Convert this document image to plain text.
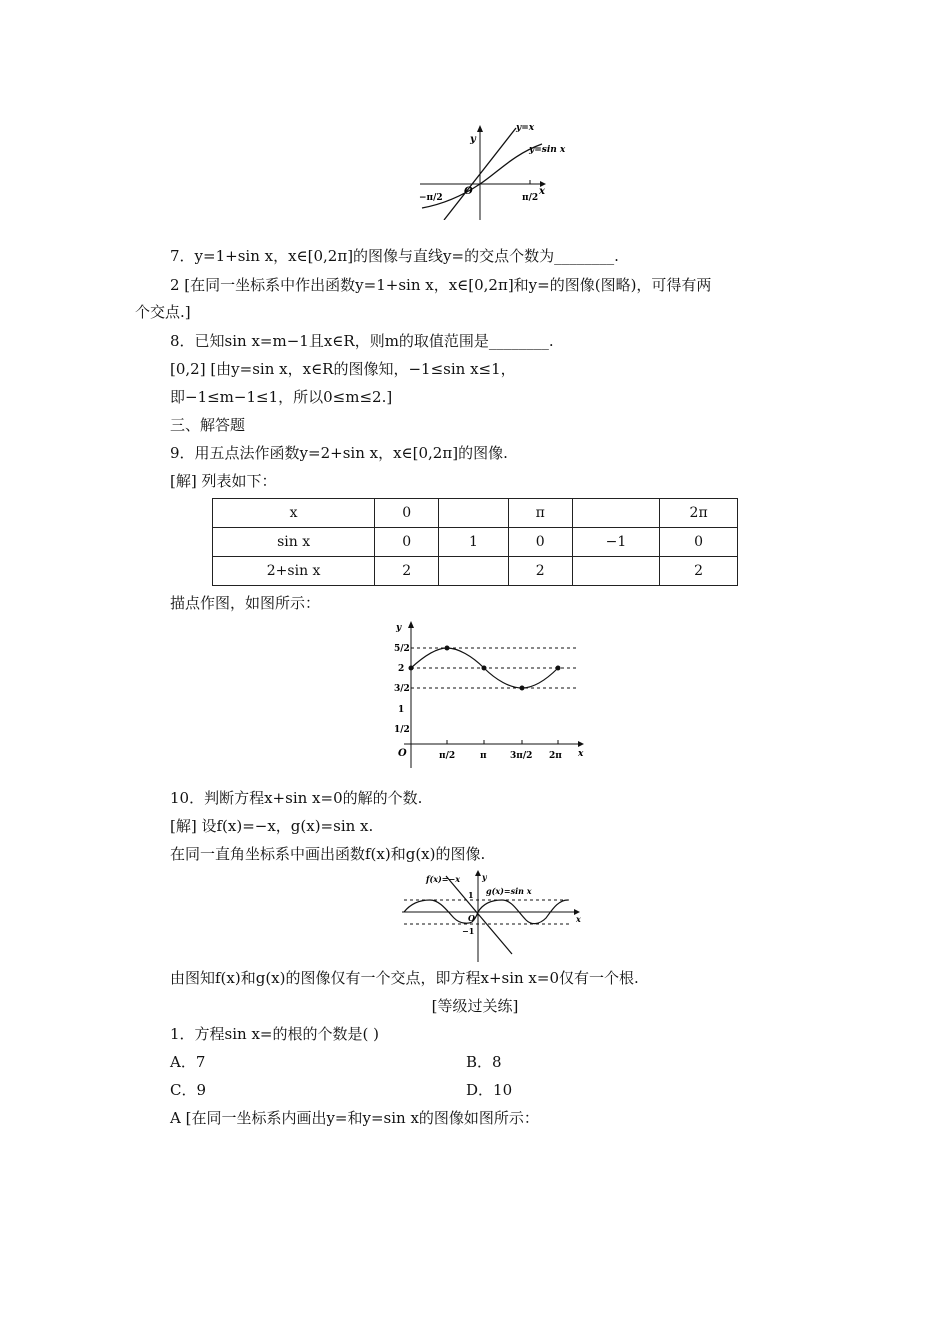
y
y=x
y=sin x
O	x
−π/2	π/2
7．y=1+sin x，x∈[0,2π]的图像与直线y=的交点个数为________.
2 [在同一坐标系中作出函数y=1+sin x，x∈[0,2π]和y=的图像(图略)，可得有两
个交点.]
8．已知sin x=m−1且x∈R，则m的取值范围是________.
[0,2] [由y=sin x，x∈R的图像知，−1≤sin x≤1，
即−1≤m−1≤1，所以0≤m≤2.]
三、解答题
9．用五点法作函数y=2+sin x，x∈[0,2π]的图像.
[解] 列表如下：
x	0		π		2π
sin x	0	1	0	−1	0
2+sin x	2		2		2
描点作图，如图所示：
y
5/2
2
3/2
1
1/2
O	x
π/2	π	3π/2 2π
10．判断方程x+sin x=0的解的个数.
[解] 设f(x)=−x，g(x)=sin x.
在同一直角坐标系中画出函数f(x)和g(x)的图像.
f(x)=−x
g(x)=sin x
y
1
O
−1
x
由图知f(x)和g(x)的图像仅有一个交点，即方程x+sin x=0仅有一个根.
[等级过关练]
1．方程sin x=的根的个数是( )
A．7	B．8
C．9	D．10
A [在同一坐标系内画出y=和y=sin x的图像如图所示：
